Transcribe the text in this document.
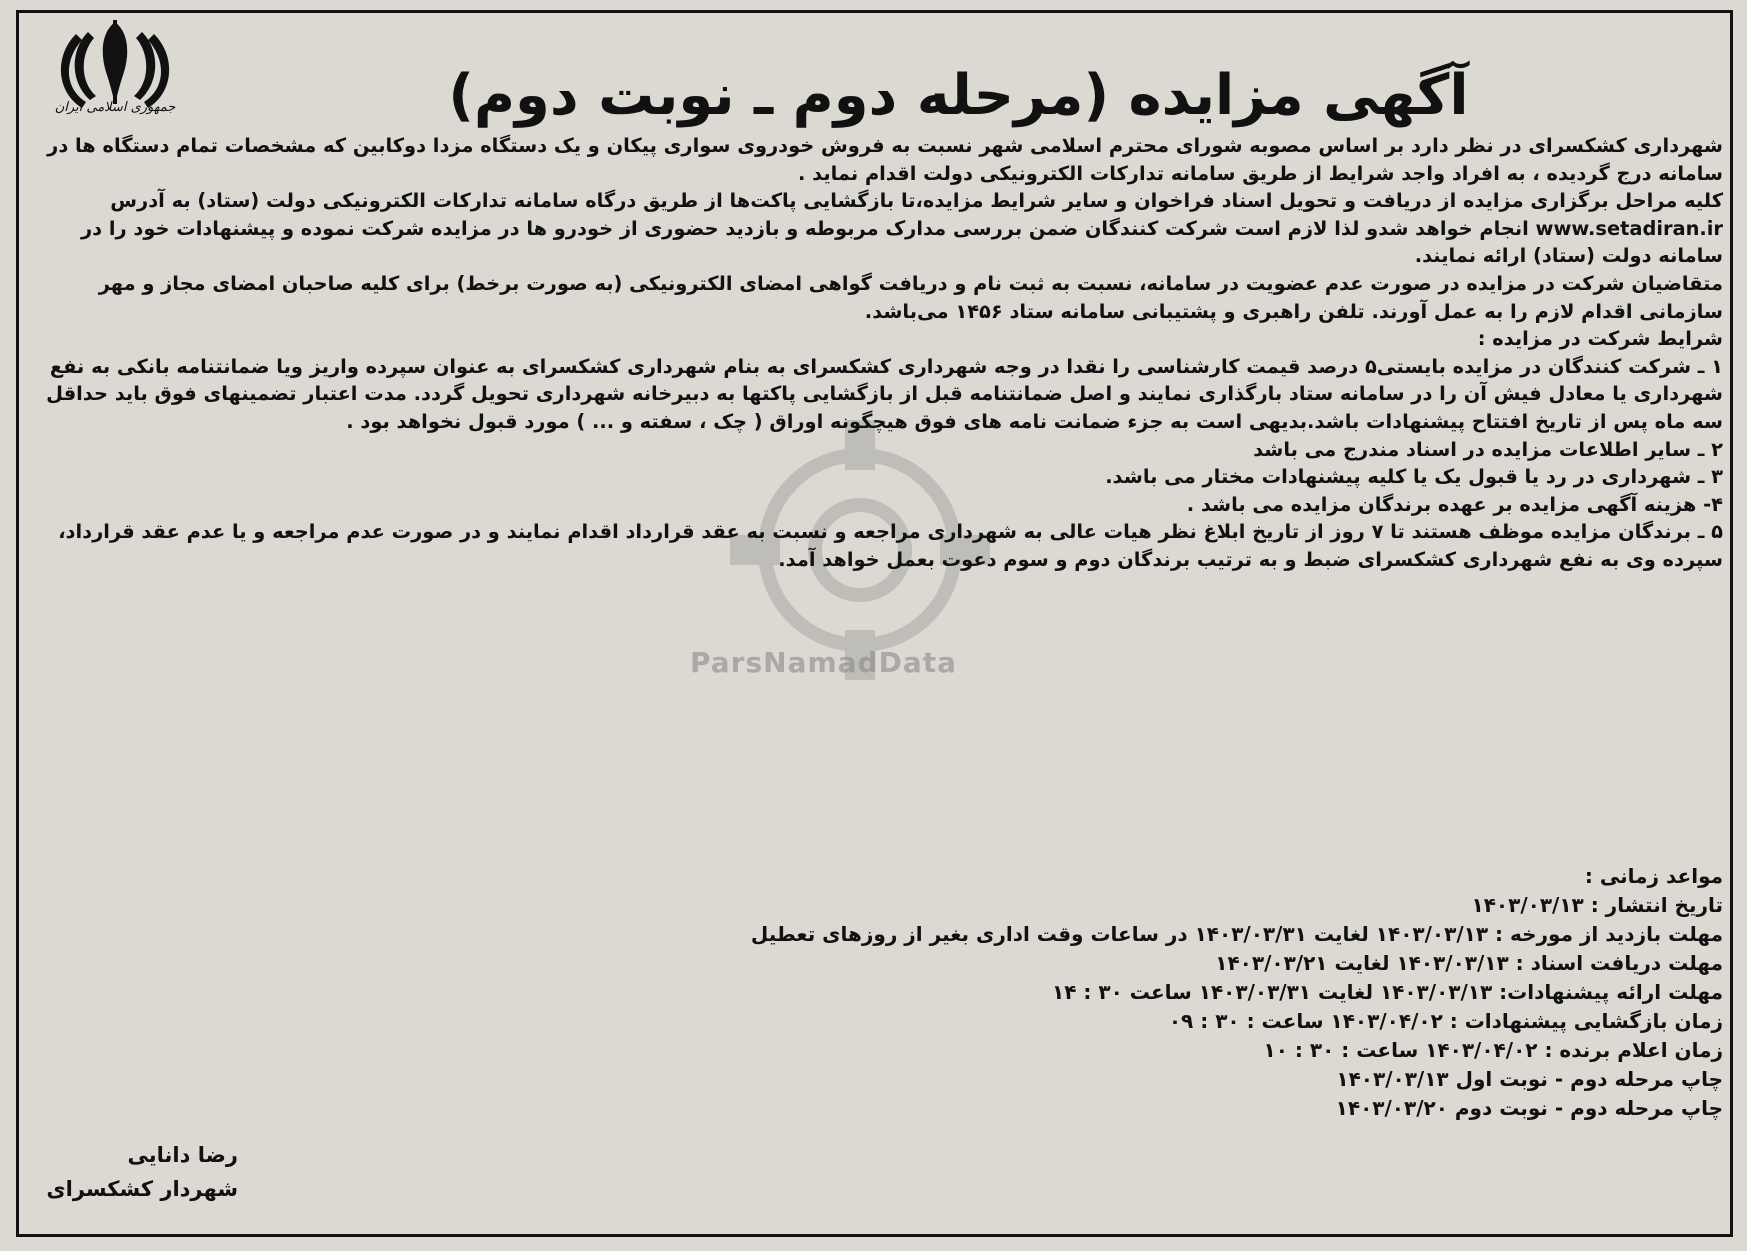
جمهوری اسلامی ایران
ParsNamadData
آگهی مزایده (مرحله دوم ـ نوبت دوم)

شهرداری کشکسرای در نظر دارد بر اساس مصوبه شورای محترم اسلامی شهر نسبت به فروش خودروی سواری پیکان و یک دستگاه مزدا دوکابین که مشخصات تمام دستگاه ها در سامانه درج گردیده ، به افراد واجد شرایط از طریق سامانه تدارکات الکترونیکی دولت اقدام نماید .

کلیه مراحل برگزاری مزایده از دریافت و تحویل اسناد فراخوان و سایر شرایط مزایده،تا بازگشایی پاکت‌ها از طریق درگاه سامانه تدارکات الکترونیکی دولت (ستاد) به آدرس www.setadiran.ir انجام خواهد شدو لذا لازم است شرکت کنندگان ضمن بررسی مدارک مربوطه و بازدید حضوری از خودرو ها در مزایده شرکت نموده و پیشنهادات خود را در سامانه دولت (ستاد) ارائه نمایند.

متقاضیان شرکت در مزایده در صورت عدم عضویت در سامانه، نسبت به ثبت نام و دریافت گواهی امضای الکترونیکی (به صورت برخط) برای کلیه صاحبان امضای مجاز و مهر سازمانی اقدام لازم را به عمل آورند. تلفن راهبری و پشتیبانی سامانه ستاد ۱۴۵۶ می‌باشد.

شرایط شرکت در مزایده :

۱ ـ شرکت کنندگان در مزایده بایستی۵ درصد قیمت کارشناسی را نقدا در وجه شهرداری کشکسرای به بنام شهرداری کشکسرای به عنوان سپرده واریز ویا ضمانتنامه بانکی به نفع شهرداری یا معادل فیش آن را در سامانه ستاد بارگذاری نمایند و اصل ضمانتنامه قبل از بازگشایی پاکتها به دبیرخانه شهرداری تحویل گردد. مدت اعتبار تضمینهای فوق باید حداقل سه ماه پس از تاریخ افتتاح پیشنهادات باشد.بدیهی است به جزء ضمانت نامه های فوق هیچگونه اوراق ( چک ، سفته و ... ) مورد قبول نخواهد بود .

۲ ـ سایر اطلاعات مزایده در اسناد مندرج می باشد

۳ ـ شهرداری در رد یا قبول یک یا کلیه پیشنهادات مختار می باشد.

۴- هزینه آگهی مزایده بر عهده برندگان مزایده می باشد .

۵ ـ برندگان مزایده موظف هستند تا ۷ روز از تاریخ ابلاغ نظر هیات عالی به شهرداری مراجعه و نسبت به عقد قرارداد اقدام نمایند و در صورت عدم مراجعه و یا عدم عقد قرارداد، سپرده وی به نفع شهرداری کشکسرای ضبط و به ترتیب برندگان دوم و سوم دعوت بعمل خواهد آمد.

مواعد زمانی :

تاریخ انتشار : ۱۴۰۳/۰۳/۱۳

مهلت بازدید از مورخه : ۱۴۰۳/۰۳/۱۳ لغایت ۱۴۰۳/۰۳/۳۱ در ساعات وقت اداری بغیر از روزهای تعطیل

مهلت دریافت اسناد : ۱۴۰۳/۰۳/۱۳ لغایت ۱۴۰۳/۰۳/۲۱

مهلت ارائه پیشنهادات: ۱۴۰۳/۰۳/۱۳ لغایت ۱۴۰۳/۰۳/۳۱ ساعت ۳۰ : ۱۴

زمان بازگشایی پیشنهادات : ۱۴۰۳/۰۴/۰۲ ساعت : ۳۰ : ۰۹

زمان اعلام برنده : ۱۴۰۳/۰۴/۰۲ ساعت : ۳۰ : ۱۰

چاپ مرحله دوم - نوبت اول ۱۴۰۳/۰۳/۱۳

چاپ مرحله دوم - نوبت دوم ۱۴۰۳/۰۳/۲۰

رضا دانایی

شهردار کشکسرای
